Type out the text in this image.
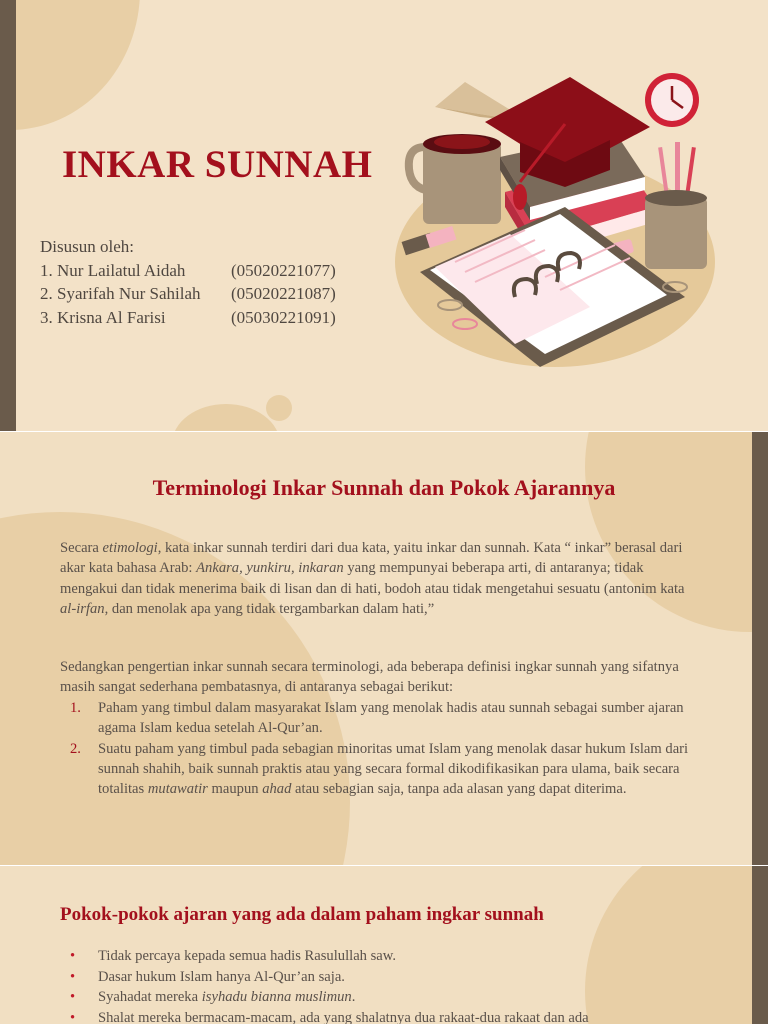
INKAR SUNNAH
Disusun oleh:
1. Nur Lailatul Aidah	(05020221077)
2. Syarifah Nur Sahilah	(05020221087)
3. Krisna Al Farisi	(05030221091)
Terminologi Inkar Sunnah dan Pokok Ajarannya

Secara etimologi, kata inkar sunnah terdiri dari dua kata, yaitu inkar dan sunnah. Kata “ inkar” berasal dari akar kata bahasa Arab: Ankara, yunkiru, inkaran yang mempunyai beberapa arti, di antaranya; tidak mengakui dan tidak menerima baik di lisan dan di hati, bodoh atau tidak mengetahui sesuatu (antonim kata al-irfan, dan menolak apa yang tidak tergambarkan dalam hati,”

Sedangkan pengertian inkar sunnah secara terminologi, ada beberapa definisi ingkar sunnah yang sifatnya masih sangat sederhana pembatasnya, di antaranya sebagai berikut:

1.	Paham yang timbul dalam masyarakat Islam yang menolak hadis atau sunnah sebagai sumber ajaran agama Islam kedua setelah Al-Qur’an.
2.	Suatu paham yang timbul pada sebagian minoritas umat Islam yang menolak dasar hukum Islam dari sunnah shahih, baik sunnah praktis atau yang secara formal dikodifikasikan para ulama, baik secara totalitas mutawatir maupun ahad atau sebagian saja, tanpa ada alasan yang dapat diterima.
Pokok-pokok ajaran yang ada dalam paham ingkar sunnah
•	Tidak percaya kepada semua hadis Rasulullah saw.
•	Dasar hukum Islam hanya Al-Qur’an saja.
•	Syahadat mereka isyhadu bianna muslimun.
•	Shalat mereka bermacam-macam, ada yang shalatnya dua rakaat-dua rakaat dan ada
